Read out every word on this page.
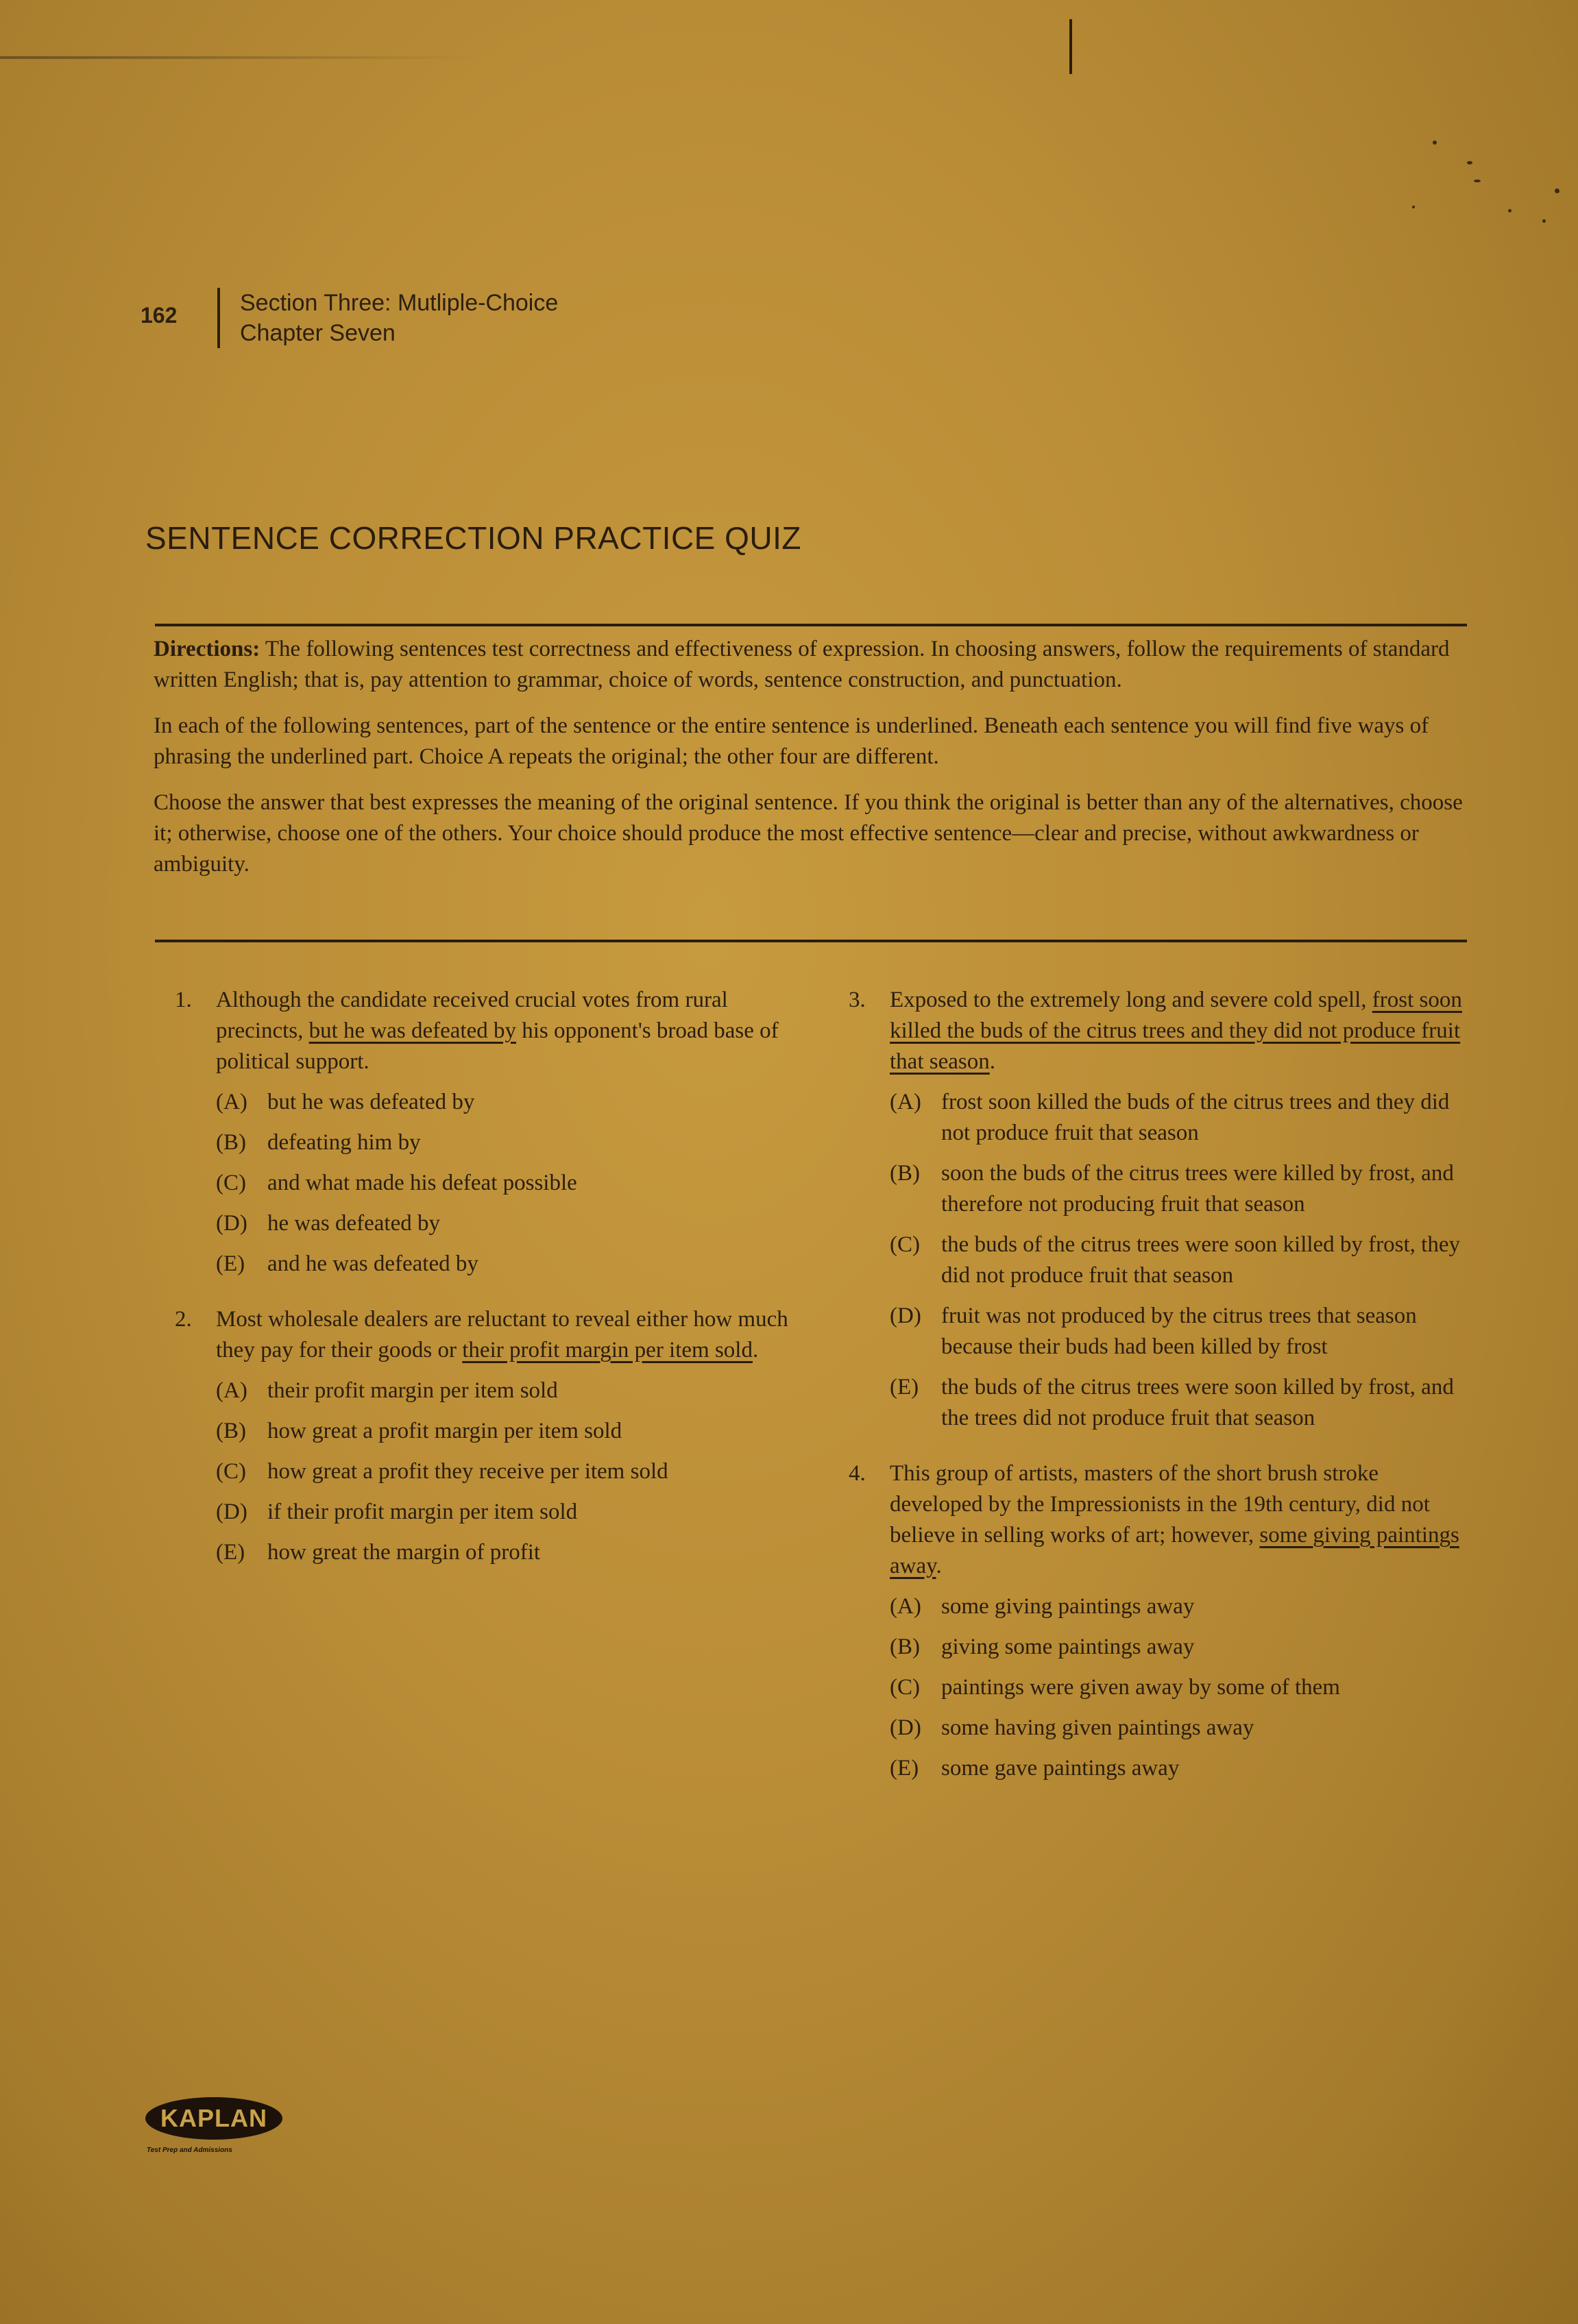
162	Section Three: Mutliple-Choice
Chapter Seven
SENTENCE CORRECTION PRACTICE QUIZ

Directions: The following sentences test correctness and effectiveness of expression. In choosing answers, follow the requirements of standard written English; that is, pay attention to grammar, choice of words, sentence construction, and punctuation.

In each of the following sentences, part of the sentence or the entire sentence is underlined. Beneath each sentence you will find five ways of phrasing the underlined part. Choice A repeats the original; the other four are different.

Choose the answer that best expresses the meaning of the original sentence. If you think the original is better than any of the alternatives, choose it; otherwise, choose one of the others. Your choice should produce the most effective sentence—clear and precise, without awkwardness or ambiguity.

1. Although the candidate received crucial votes from rural precincts, but he was defeated by his opponent's broad base of political support.

(A) but he was defeated by
(B) defeating him by
(C) and what made his defeat possible
(D) he was defeated by
(E) and he was defeated by
2. Most wholesale dealers are reluctant to reveal either how much they pay for their goods or their profit margin per item sold.

(A) their profit margin per item sold
(B) how great a profit margin per item sold
(C) how great a profit they receive per item sold
(D) if their profit margin per item sold
(E) how great the margin of profit
3. Exposed to the extremely long and severe cold spell, frost soon killed the buds of the citrus trees and they did not produce fruit that season.

(A) frost soon killed the buds of the citrus trees and they did not produce fruit that season
(B) soon the buds of the citrus trees were killed by frost, and therefore not producing fruit that season
(C) the buds of the citrus trees were soon killed by frost, they did not produce fruit that season
(D) fruit was not produced by the citrus trees that season because their buds had been killed by frost
(E) the buds of the citrus trees were soon killed by frost, and the trees did not produce fruit that season
4. This group of artists, masters of the short brush stroke developed by the Impressionists in the 19th century, did not believe in selling works of art; however, some giving paintings away.

(A) some giving paintings away
(B) giving some paintings away
(C) paintings were given away by some of them
(D) some having given paintings away
(E) some gave paintings away
KAPLAN
Test Prep and Admissions
